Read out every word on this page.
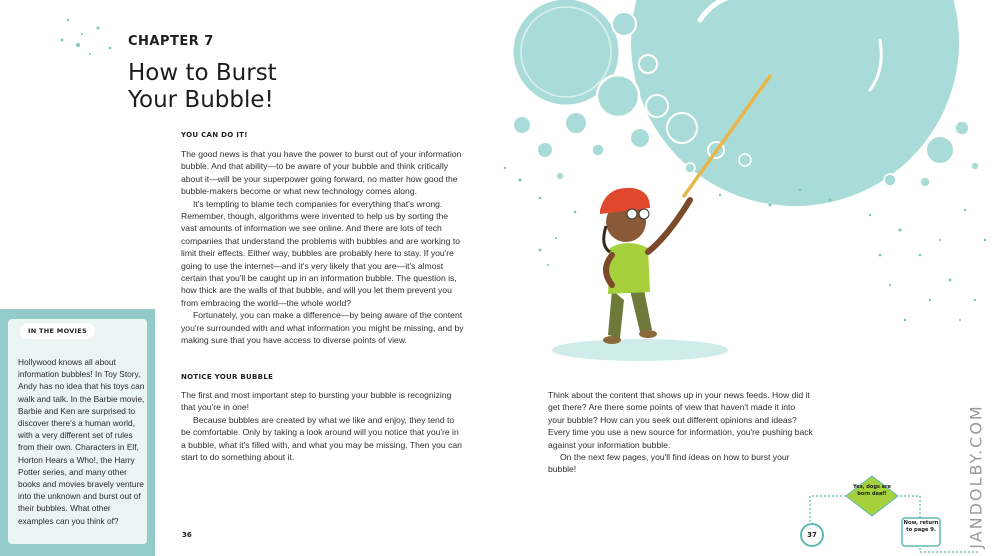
CHAPTER 7
How to Burst
Your Bubble!
YOU CAN DO IT!

The good news is that you have the power to burst out of your information bubble. And that ability—to be aware of your bubble and think critically about it—will be your superpower going forward, no matter how good the bubble-makers become or what new technology comes along.

It's tempting to blame tech companies for everything that's wrong. Remember, though, algorithms were invented to help us by sorting the vast amounts of information we see online. And there are lots of tech companies that understand the problems with bubbles and are working to limit their effects. Either way, bubbles are probably here to stay. If you're going to use the internet—and it's very likely that you are—it's almost certain that you'll be caught up in an information bubble. The question is, how thick are the walls of that bubble, and will you let them prevent you from embracing the world—the whole world?

Fortunately, you can make a difference—by being aware of the content you're surrounded with and what information you might be missing, and by making sure that you have access to diverse points of view.

NOTICE YOUR BUBBLE

The first and most important step to bursting your bubble is recognizing that you're in one!

Because bubbles are created by what we like and enjoy, they tend to be comfortable. Only by taking a look around will you notice that you're in a bubble, what it's filled with, and what you may be missing. Then you can start to do something about it.

IN THE MOVIES

Hollywood knows all about information bubbles! In Toy Story, Andy has no idea that his toys can walk and talk. In the Barbie movie, Barbie and Ken are surprised to discover there's a human world, with a very different set of rules from their own. Characters in Elf, Horton Hears a Who!, the Harry Potter series, and many other books and movies bravely venture into the unknown and burst out of their bubbles. What other examples can you think of?

36

Think about the content that shows up in your news feeds. How did it get there? Are there some points of view that haven't made it into your bubble? How can you seek out different opinions and ideas? Every time you use a new source for information, you're pushing back against your information bubble.

On the next few pages, you'll find ideas on how to burst your bubble!

37
Yes, dogs are born deaf!
Now, return to page 9. JANDOLBY.COM
